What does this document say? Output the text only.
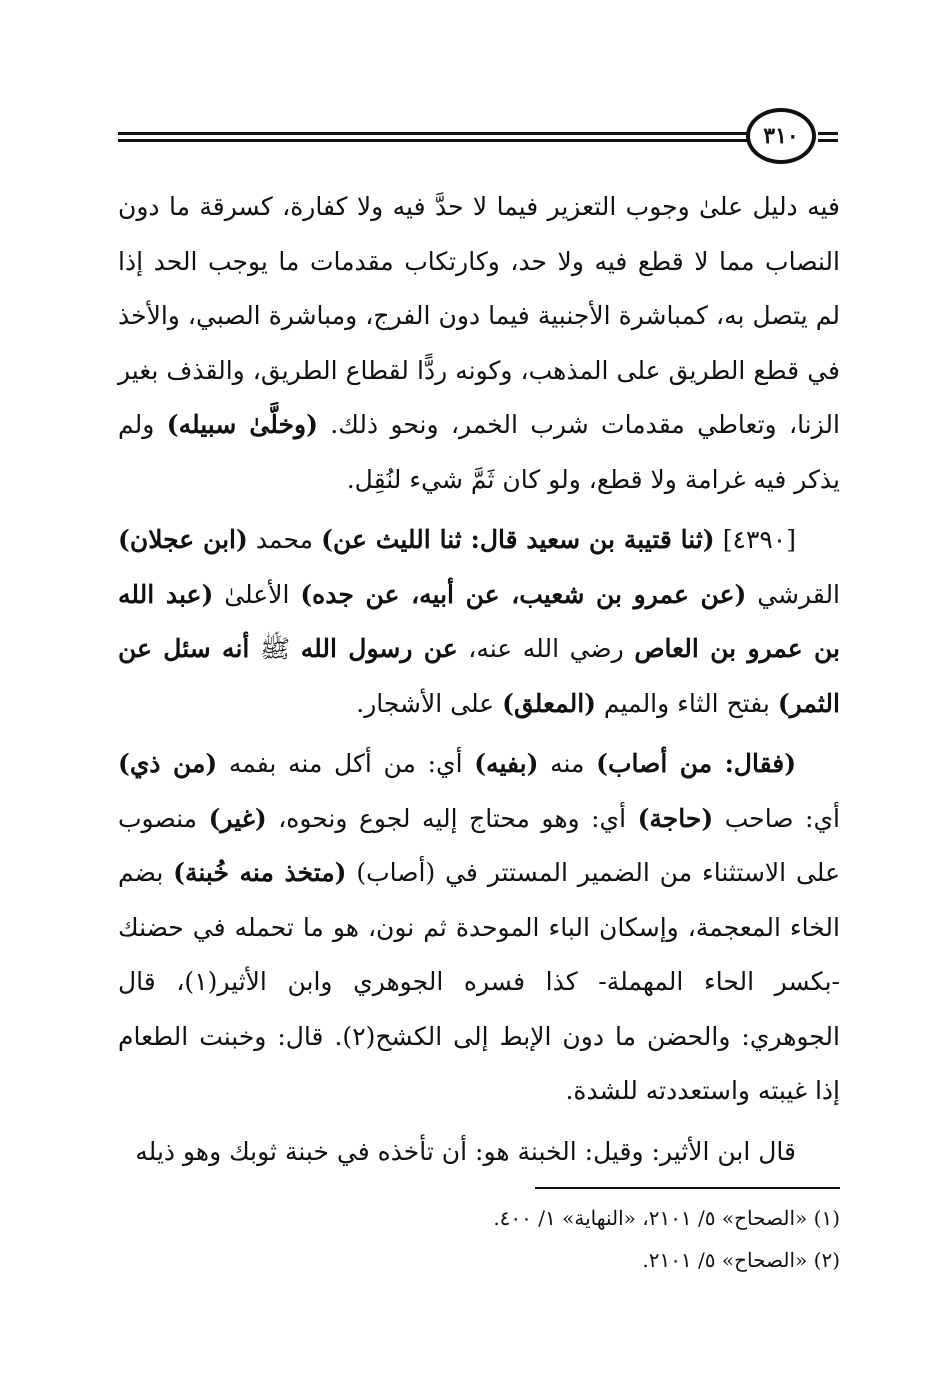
٣١٠

فيه دليل علىٰ وجوب التعزير فيما لا حدَّ فيه ولا كفارة، كسرقة ما دون النصاب مما لا قطع فيه ولا حد، وكارتكاب مقدمات ما يوجب الحد إذا لم يتصل به، كمباشرة الأجنبية فيما دون الفرج، ومباشرة الصبي، والأخذ في قطع الطريق على المذهب، وكونه ردًّا لقطاع الطريق، والقذف بغير الزنا، وتعاطي مقدمات شرب الخمر، ونحو ذلك. (وخلَّىٰ سبيله) ولم يذكر فيه غرامة ولا قطع، ولو كان ثَمَّ شيء لنُقِل.

[٤٣٩٠] (ثنا قتيبة بن سعيد قال: ثنا الليث عن) محمد (ابن عجلان) القرشي (عن عمرو بن شعيب، عن أبيه، عن جده) الأعلىٰ (عبد الله بن عمرو بن العاص رضي الله عنه، عن رسول الله ﷺ أنه سئل عن الثمر) بفتح الثاء والميم (المعلق) على الأشجار.

(فقال: من أصاب) منه (بفيه) أي: من أكل منه بفمه (من ذي) أي: صاحب (حاجة) أي: وهو محتاج إليه لجوع ونحوه، (غير) منصوب على الاستثناء من الضمير المستتر في (أصاب) (متخذ منه خُبنة) بضم الخاء المعجمة، وإسكان الباء الموحدة ثم نون، هو ما تحمله في حضنك -بكسر الحاء المهملة- كذا فسره الجوهري وابن الأثير(١)، قال الجوهري: والحضن ما دون الإبط إلى الكشح(٢). قال: وخبنت الطعام إذا غيبته واستعددته للشدة.

قال ابن الأثير: وقيل: الخبنة هو: أن تأخذه في خبنة ثوبك وهو ذيله

(١) «الصحاح» ٥/ ٢١٠١، «النهاية» ١/ ٤٠٠.
(٢) «الصحاح» ٥/ ٢١٠١.
